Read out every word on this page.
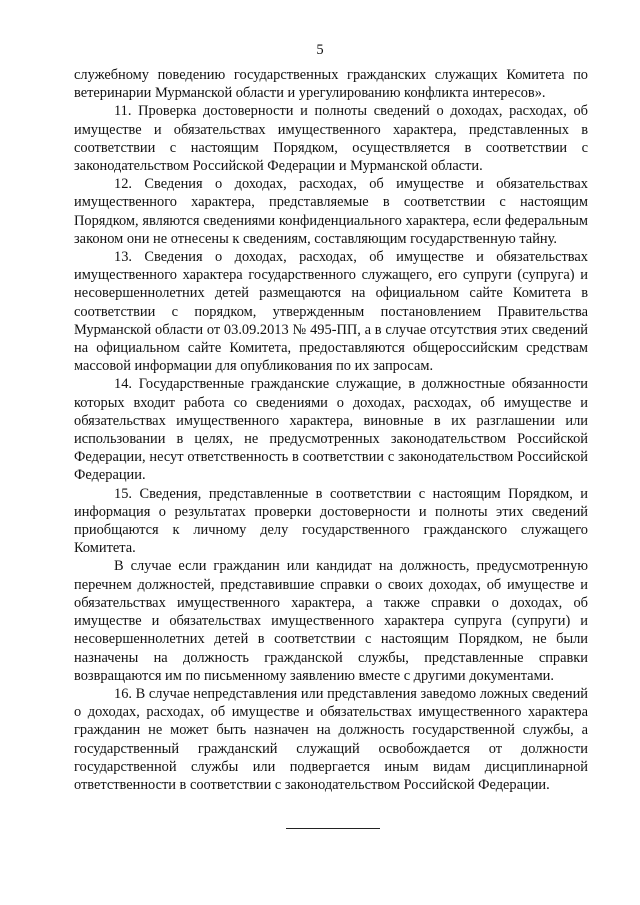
5

служебному поведению государственных гражданских служащих Комитета по ветеринарии Мурманской области и урегулированию конфликта интересов».

11. Проверка достоверности и полноты сведений о доходах, расходах, об имуществе и обязательствах имущественного характера, представленных в соответствии с настоящим Порядком, осуществляется в соответствии с законодательством Российской Федерации и Мурманской области.

12. Сведения о доходах, расходах, об имуществе и обязательствах имущественного характера, представляемые в соответствии с настоящим Порядком, являются сведениями конфиденциального характера, если федеральным законом они не отнесены к сведениям, составляющим государственную тайну.

13. Сведения о доходах, расходах, об имуществе и обязательствах имущественного характера государственного служащего, его супруги (супруга) и несовершеннолетних детей размещаются на официальном сайте Комитета в соответствии с порядком, утвержденным постановлением Правительства Мурманской области от 03.09.2013 № 495-ПП, а в случае отсутствия этих сведений на официальном сайте Комитета, предоставляются общероссийским средствам массовой информации для опубликования по их запросам.

14. Государственные гражданские служащие, в должностные обязанности которых входит работа со сведениями о доходах, расходах, об имуществе и обязательствах имущественного характера, виновные в их разглашении или использовании в целях, не предусмотренных законодательством Российской Федерации, несут ответственность в соответствии с законодательством Российской Федерации.

15. Сведения, представленные в соответствии с настоящим Порядком, и информация о результатах проверки достоверности и полноты этих сведений приобщаются к личному делу государственного гражданского служащего Комитета.

В случае если гражданин или кандидат на должность, предусмотренную перечнем должностей, представившие справки о своих доходах, об имуществе и обязательствах имущественного характера, а также справки о доходах, об имуществе и обязательствах имущественного характера супруга (супруги) и несовершеннолетних детей в соответствии с настоящим Порядком, не были назначены на должность гражданской службы, представленные справки возвращаются им по письменному заявлению вместе с другими документами.

16. В случае непредставления или представления заведомо ложных сведений о доходах, расходах, об имуществе и обязательствах имущественного характера гражданин не может быть назначен на должность государственной службы, а государственный гражданский служащий освобождается от должности государственной службы или подвергается иным видам дисциплинарной ответственности в соответствии с законодательством Российской Федерации.
